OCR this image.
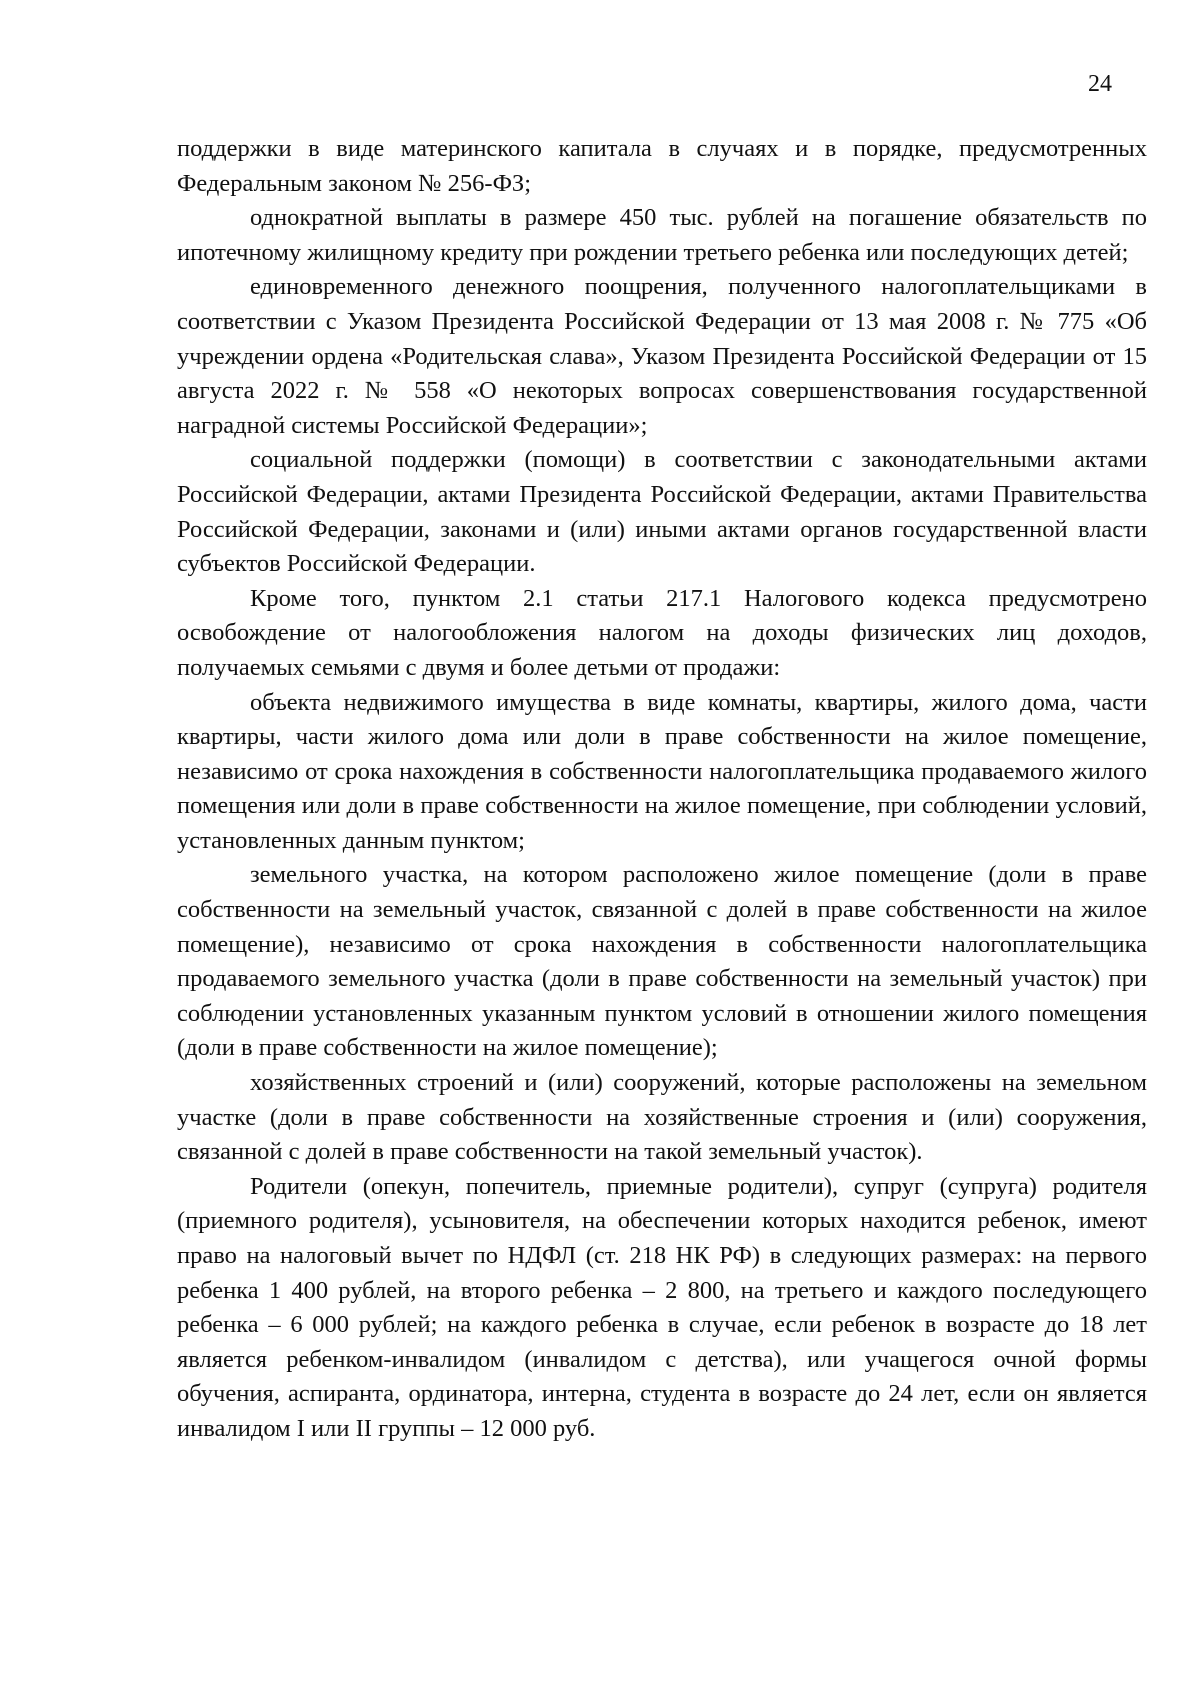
24

поддержки в виде материнского капитала в случаях и в порядке, предусмотренных Федеральным законом № 256-ФЗ;

однократной выплаты в размере 450 тыс. рублей на погашение обязательств по ипотечному жилищному кредиту при рождении третьего ребенка или последующих детей;

единовременного денежного поощрения, полученного налогоплательщиками в соответствии с Указом Президента Российской Федерации от 13 мая 2008 г. № 775 «Об учреждении ордена «Родительская слава», Указом Президента Российской Федерации от 15 августа 2022 г. № 558 «О некоторых вопросах совершенствования государственной наградной системы Российской Федерации»;

социальной поддержки (помощи) в соответствии с законодательными актами Российской Федерации, актами Президента Российской Федерации, актами Правительства Российской Федерации, законами и (или) иными актами органов государственной власти субъектов Российской Федерации.

Кроме того, пунктом 2.1 статьи 217.1 Налогового кодекса предусмотрено освобождение от налогообложения налогом на доходы физических лиц доходов, получаемых семьями с двумя и более детьми от продажи:

объекта недвижимого имущества в виде комнаты, квартиры, жилого дома, части квартиры, части жилого дома или доли в праве собственности на жилое помещение, независимо от срока нахождения в собственности налогоплательщика продаваемого жилого помещения или доли в праве собственности на жилое помещение, при соблюдении условий, установленных данным пунктом;

земельного участка, на котором расположено жилое помещение (доли в праве собственности на земельный участок, связанной с долей в праве собственности на жилое помещение), независимо от срока нахождения в собственности налогоплательщика продаваемого земельного участка (доли в праве собственности на земельный участок) при соблюдении установленных указанным пунктом условий в отношении жилого помещения (доли в праве собственности на жилое помещение);

хозяйственных строений и (или) сооружений, которые расположены на земельном участке (доли в праве собственности на хозяйственные строения и (или) сооружения, связанной с долей в праве собственности на такой земельный участок).

Родители (опекун, попечитель, приемные родители), супруг (супруга) родителя (приемного родителя), усыновителя, на обеспечении которых находится ребенок, имеют право на налоговый вычет по НДФЛ (ст. 218 НК РФ) в следующих размерах: на первого ребенка 1 400 рублей, на второго ребенка – 2 800, на третьего и каждого последующего ребенка – 6 000 рублей; на каждого ребенка в случае, если ребенок в возрасте до 18 лет является ребенком-инвалидом (инвалидом с детства), или учащегося очной формы обучения, аспиранта, ординатора, интерна, студента в возрасте до 24 лет, если он является инвалидом I или II группы – 12 000 руб.
